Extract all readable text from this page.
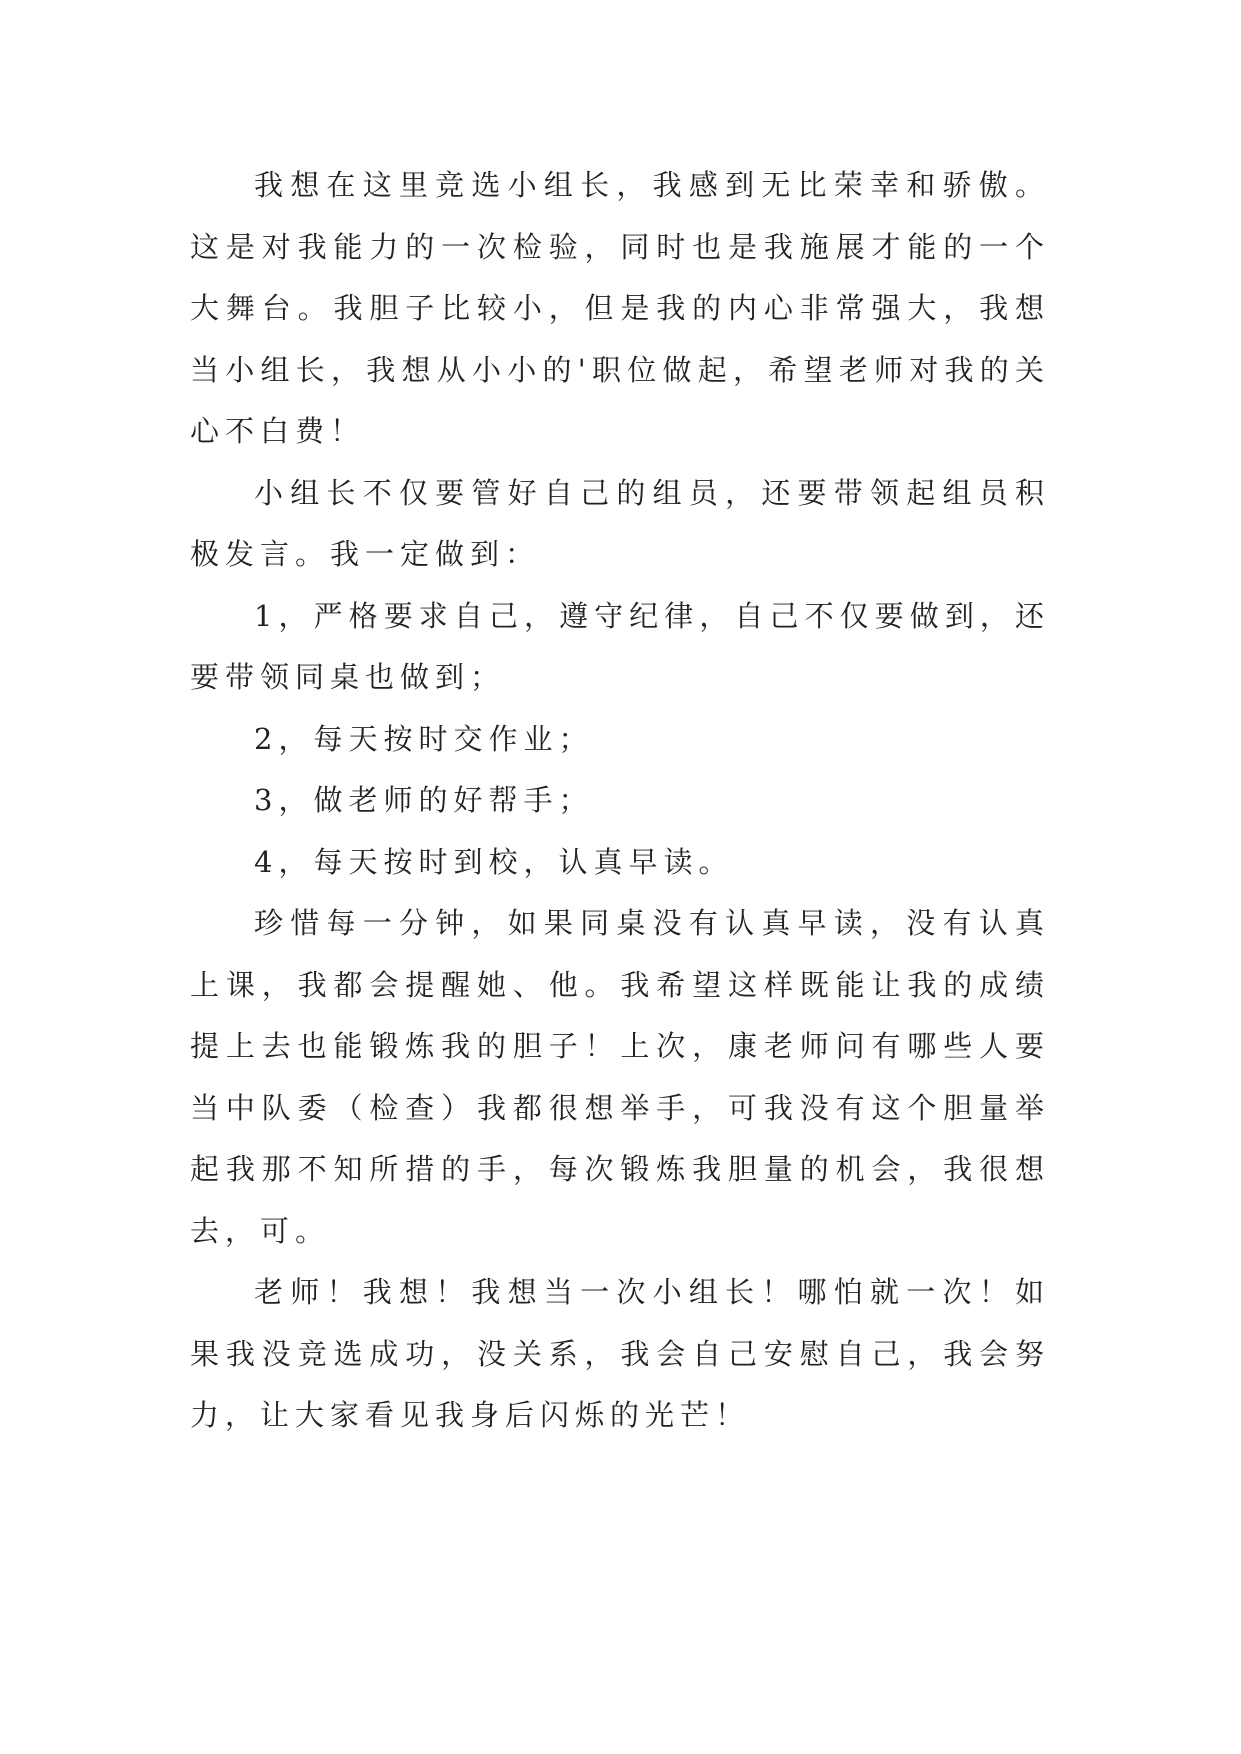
我想在这里竞选小组长，我感到无比荣幸和骄傲。这是对我能力的一次检验，同时也是我施展才能的一个大舞台。我胆子比较小，但是我的内心非常强大，我想当小组长，我想从小小的'职位做起，希望老师对我的关心不白费！

小组长不仅要管好自己的组员，还要带领起组员积极发言。我一定做到：

1，严格要求自己，遵守纪律，自己不仅要做到，还要带领同桌也做到；

2，每天按时交作业；

3，做老师的好帮手；

4，每天按时到校，认真早读。

珍惜每一分钟，如果同桌没有认真早读，没有认真上课，我都会提醒她、他。我希望这样既能让我的成绩提上去也能锻炼我的胆子！上次，康老师问有哪些人要当中队委（检查）我都很想举手，可我没有这个胆量举起我那不知所措的手，每次锻炼我胆量的机会，我很想去，可。

老师！我想！我想当一次小组长！哪怕就一次！如果我没竞选成功，没关系，我会自己安慰自己，我会努力，让大家看见我身后闪烁的光芒！
